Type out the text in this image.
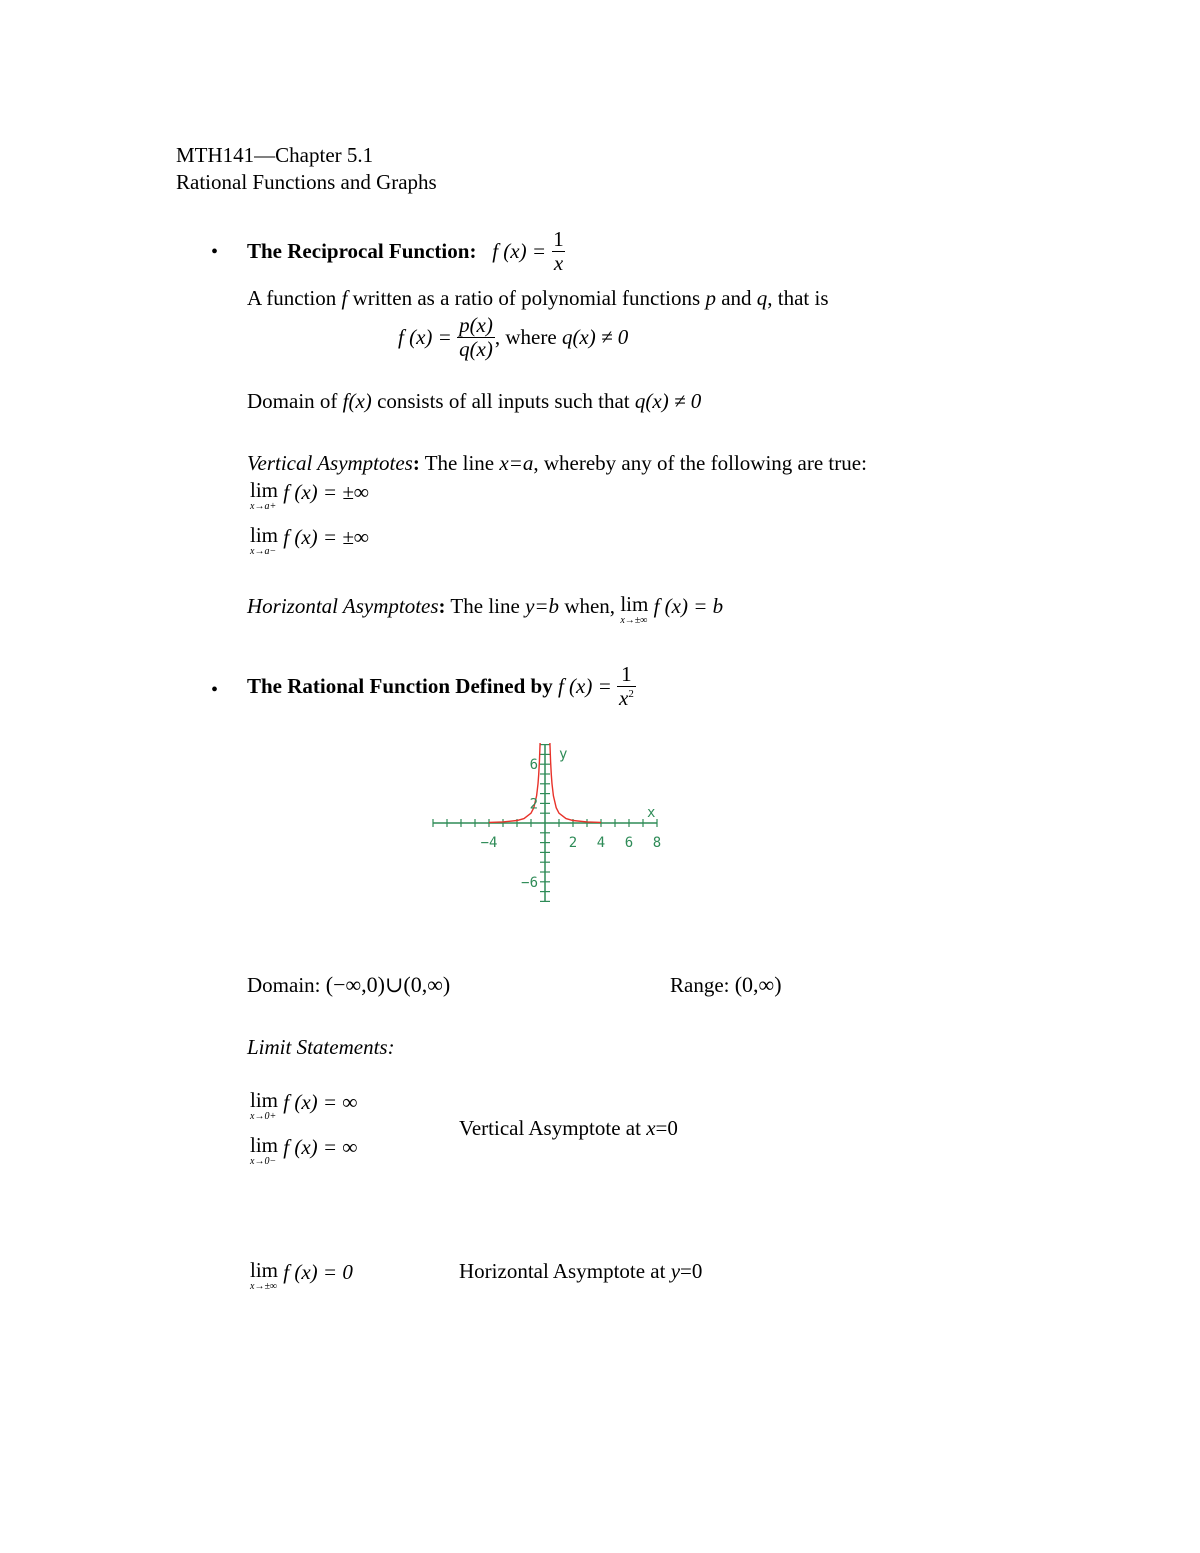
MTH141—Chapter 5.1
Rational Functions and Graphs
• The Reciprocal Function: f $(x) = \frac{1}{x}$
A function f written as a ratio of polynomial functions p and q, that is
f $(x) = \frac{p(x)}{q(x)}$ , where q(x) ≠ 0
Domain of f(x) consists of all inputs such that q(x) ≠ 0
Vertical Asymptotes: The line x=a, whereby any of the following are true:
lim
x→a+
f (x) = ±∞
lim
x→a−
f (x) = ±∞
Horizontal Asymptotes: The line y=b when, lim
x→±∞
f (x) = b
• The Rational Function Defined by f $(x) = \frac{1}{x^2}$
−4	2 4 6 8
6
2
−6
x
y
Domain: (−∞,0)∪(0,∞)	Range: (0,∞)
Limit Statements:
lim
x→0+
f (x) = ∞
lim
x→0−
f (x) = ∞
Vertical Asymptote at x=0
lim
x→±∞
f (x) = 0	Horizontal Asymptote at y=0
